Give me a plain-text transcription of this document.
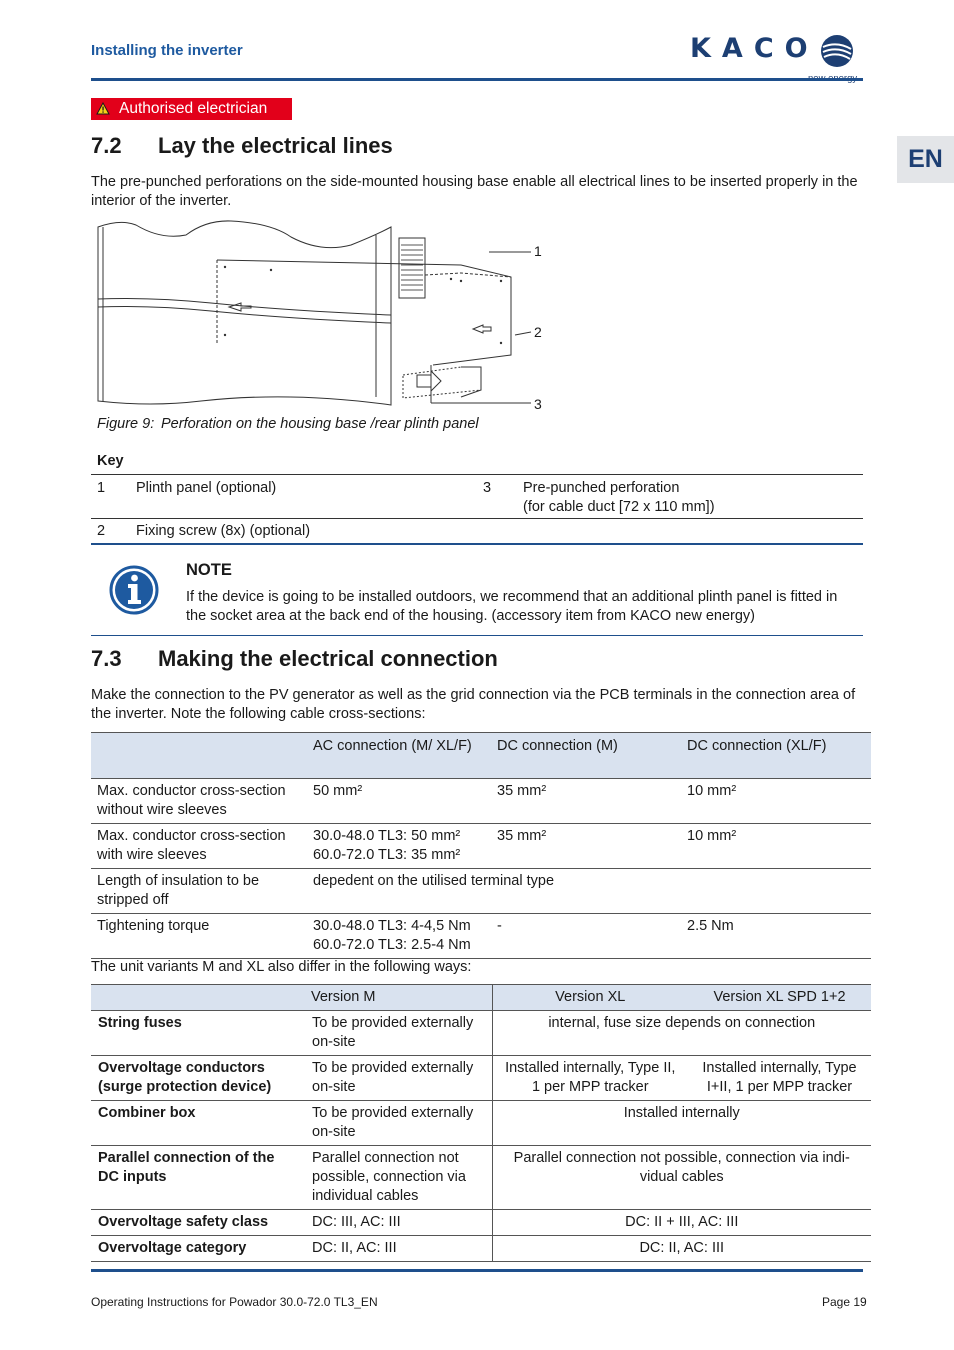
Installing the inverter	KACO
EN
Authorised electrician
7.2 Lay the electrical lines
The pre-punched perforations on the side-mounted housing base enable all electrical lines to be inserted properly in the interior of the inverter.
1
2
3
Figure 9: Perforation on the housing base /rear plinth panel
Key
1 Plinth panel (optional)	3 Pre-punched perforation
(for cable duct [72 x 110 mm])
2 Fixing screw (8x) (optional)
NOTE
If the device is going to be installed outdoors, we recommend that an additional plinth panel is fitted in the socket area at the back end of the housing. (accessory item from KACO new energy)
7.3 Making the electrical connection
Make the connection to the PV generator as well as the grid connection via the PCB terminals in the connection area of the inverter. Note the following cable cross-sections:
	AC connection (M/ XL/F)	DC connection (M)	DC connection (XL/F)
Max. conductor cross-section without wire sleeves	50 mm²	35 mm²	10 mm²
Max. conductor cross-section with wire sleeves	30.0-48.0 TL3: 50 mm²
60.0-72.0 TL3: 35 mm²	35 mm²	10 mm²
Length of insulation to be stripped off	depedent on the utilised terminal type		
Tightening torque	30.0-48.0 TL3: 4-4,5 Nm
60.0-72.0 TL3: 2.5-4 Nm	-	2.5 Nm
The unit variants M and XL also differ in the following ways:
	Version M	Version XL	Version XL SPD 1+2
String fuses	To be provided externally on-site	internal, fuse size depends on connection	
Overvoltage conductors (surge protection device)	To be provided externally on-site	Installed internally, Type II, 1 per MPP tracker	Installed internally, Type I+II, 1 per MPP tracker
Combiner box	To be provided externally on-site	Installed internally	
Parallel connection of the DC inputs	Parallel connection not possible, connection via individual cables	Parallel connection not possible, connection via individual cables	
Overvoltage safety class	DC: III, AC: III	DC: II + III, AC: III	
Overvoltage category	DC: II, AC: III	DC: II, AC: III	
Operating Instructions for Powador 30.0-72.0 TL3_EN	Page 19
